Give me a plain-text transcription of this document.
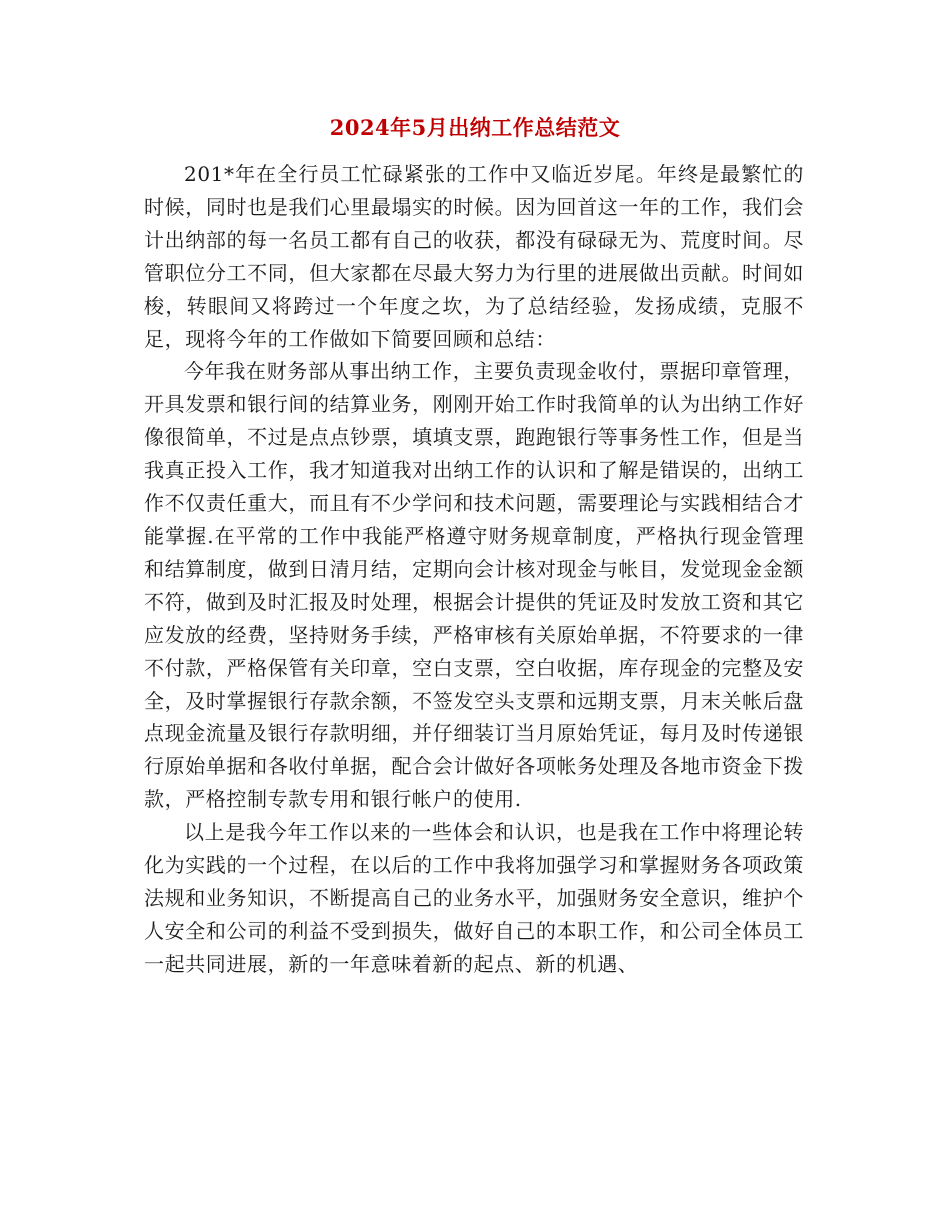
2024年5月出纳工作总结范文

201*年在全行员工忙碌紧张的工作中又临近岁尾。年终是最繁忙的时候，同时也是我们心里最塌实的时候。因为回首这一年的工作，我们会计出纳部的每一名员工都有自己的收获，都没有碌碌无为、荒度时间。尽管职位分工不同，但大家都在尽最大努力为行里的进展做出贡献。时间如梭，转眼间又将跨过一个年度之坎，为了总结经验，发扬成绩，克服不足，现将今年的工作做如下简要回顾和总结：

今年我在财务部从事出纳工作，主要负责现金收付，票据印章管理，开具发票和银行间的结算业务，刚刚开始工作时我简单的认为出纳工作好像很简单，不过是点点钞票，填填支票，跑跑银行等事务性工作，但是当我真正投入工作，我才知道我对出纳工作的认识和了解是错误的，出纳工作不仅责任重大，而且有不少学问和技术问题，需要理论与实践相结合才能掌握.在平常的工作中我能严格遵守财务规章制度，严格执行现金管理和结算制度，做到日清月结，定期向会计核对现金与帐目，发觉现金金额不符，做到及时汇报及时处理，根据会计提供的凭证及时发放工资和其它应发放的经费，坚持财务手续，严格审核有关原始单据，不符要求的一律不付款，严格保管有关印章，空白支票，空白收据，库存现金的完整及安全，及时掌握银行存款余额，不签发空头支票和远期支票，月末关帐后盘点现金流量及银行存款明细，并仔细装订当月原始凭证，每月及时传递银行原始单据和各收付单据，配合会计做好各项帐务处理及各地市资金下拨款，严格控制专款专用和银行帐户的使用.

以上是我今年工作以来的一些体会和认识，也是我在工作中将理论转化为实践的一个过程，在以后的工作中我将加强学习和掌握财务各项政策法规和业务知识，不断提高自己的业务水平，加强财务安全意识，维护个人安全和公司的利益不受到损失，做好自己的本职工作，和公司全体员工一起共同进展，新的一年意味着新的起点、新的机遇、
